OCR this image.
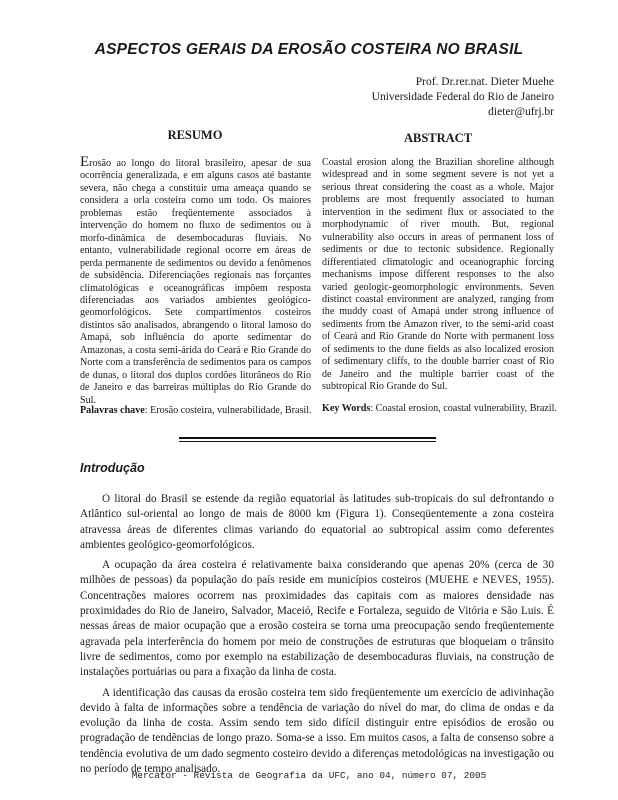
ASPECTOS GERAIS DA EROSÃO COSTEIRA NO BRASIL
Prof. Dr.rer.nat. Dieter Muehe
Universidade Federal do Rio de Janeiro
dieter@ufrj.br
RESUMO	ABSTRACT
Erosão ao longo do litoral brasileiro, apesar de sua ocorrência generalizada, e em alguns casos até bastante severa, não chega a constituir uma ameaça quando se considera a orla costeira como um todo. Os maiores problemas estão freqüentemente associados à intervenção do homem no fluxo de sedimentos ou à morfo-dinâmica de desembocaduras fluviais. No entanto, vulnerabilidade regional ocorre em áreas de perda permanente de sedimentos ou devido a fenômenos de subsidência. Diferenciações regionais nas forçantes climatológicas e oceanográficas impõem resposta diferenciadas aos variados ambientes geológico-geomorfológicos. Sete compartimentos costeiros distintos são analisados, abrangendo o litoral lamoso do Amapá, sob influência do aporte sedimentar do Amazonas, a costa semi-árida do Ceará e Rio Grande do Norte com a transferência de sedimentos para os campos de dunas, o litoral dos duplos cordões litorâneos do Rio de Janeiro e das barreiras múltiplas do Rio Grande do Sul.
Coastal erosion along the Brazilian shoreline although widespread and in some segment severe is not yet a serious threat considering the coast as a whole. Major problems are most frequently associated to human intervention in the sediment flux or associated to the morphodynamic of river mouth. But, regional vulnerability also occurs in areas of permanent loss of sediments or due to tectonic subsidence. Regionally differentiated climatologic and oceanographic forcing mechanisms impose different responses to the also varied geologic-geomorphologic environments. Seven distinct coastal environment are analyzed, ranging from the muddy coast of Amapá under strong influence of sediments from the Amazon river, to the semi-arid coast of Ceará and Rio Grande do Norte with permanent loss of sediments to the dune fields as also localized erosion of sedimentary cliffs, to the double barrier coast of Rio de Janeiro and the multiple barrier coast of the subtropical Rio Grande do Sul.
Palavras chave: Erosão costeira, vulnerabilidade, Brasil.	Key Words: Coastal erosion, coastal vulnerability, Brazil.
Introdução

O litoral do Brasil se estende da região equatorial às latitudes sub-tropicais do sul defrontando o Atlântico sul-oriental ao longo de mais de 8000 km (Figura 1). Conseqüentemente a zona costeira atravessa áreas de diferentes climas variando do equatorial ao subtropical assim como deferentes ambientes geológico-geomorfológicos.

A ocupação da área costeira é relativamente baixa considerando que apenas 20% (cerca de 30 milhões de pessoas) da população do país reside em municípios costeiros (MUEHE e NEVES, 1955). Concentrações maiores ocorrem nas proximidades das capitais com as maiores densidade nas proximidades do Rio de Janeiro, Salvador, Maceió, Recife e Fortaleza, seguido de Vitória e São Luis. É nessas áreas de maior ocupação que a erosão costeira se torna uma preocupação sendo freqüentemente agravada pela interferência do homem por meio de construções de estruturas que bloqueiam o trânsito livre de sedimentos, como por exemplo na estabilização de desembocaduras fluviais, na construção de instalações portuárias ou para a fixação da linha de costa.

A identificação das causas da erosão costeira tem sido freqüentemente um exercício de adivinhação devido à falta de informações sobre a tendência de variação do nível do mar, do clima de ondas e da evolução da linha de costa. Assim sendo tem sido difícil distinguir entre episódios de erosão ou progradação de tendências de longo prazo. Soma-se a isso. Em muitos casos, a falta de consenso sobre a tendência evolutiva de um dado segmento costeiro devido a diferenças metodológicas na investigação ou no período de tempo analisado.

Mercator - Revista de Geografia da UFC, ano 04, número 07, 2005
